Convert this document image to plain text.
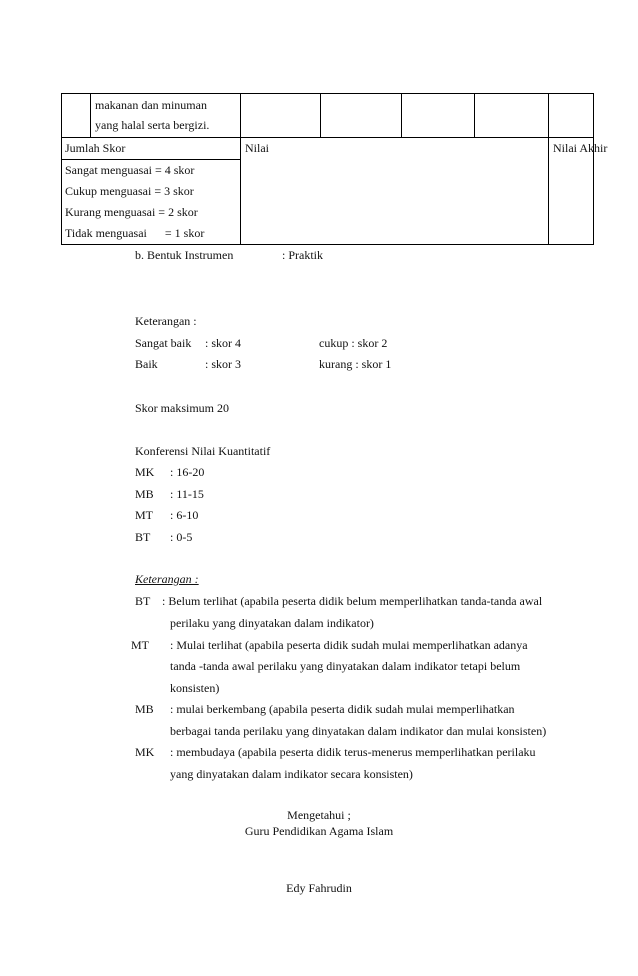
	makanan dan minuman
yang halal serta bergizi.					

Jumlah Skor		Nilai				Nilai Akhir

Sangat menguasai = 4 skor						

Cukup menguasai = 3 skor						

Kurang menguasai = 2 skor						

Tidak menguasai      = 1 skor						
b. Bentuk Instrumen	: Praktik
Keterangan :
Sangat baik : skor 4	cukup : skor 2
Baik	: skor 3	kurang : skor 1
Skor maksimum 20
Konferensi Nilai Kuantitatif
MK : 16-20
MB : 11-15
MT : 6-10
BT : 0-5
Keterangan :
BT : Belum terlihat (apabila peserta didik belum memperlihatkan tanda-tanda awal
perilaku yang dinyatakan dalam indikator)
MT : Mulai terlihat (apabila peserta didik sudah mulai memperlihatkan adanya
tanda -tanda awal perilaku yang dinyatakan dalam indikator tetapi belum
konsisten)
MB : mulai berkembang (apabila peserta didik sudah mulai memperlihatkan
berbagai tanda perilaku yang dinyatakan dalam indikator dan mulai konsisten)
MK : membudaya (apabila peserta didik terus-menerus memperlihatkan perilaku
yang dinyatakan dalam indikator secara konsisten)
Mengetahui ;
Guru Pendidikan Agama Islam
Edy Fahrudin
